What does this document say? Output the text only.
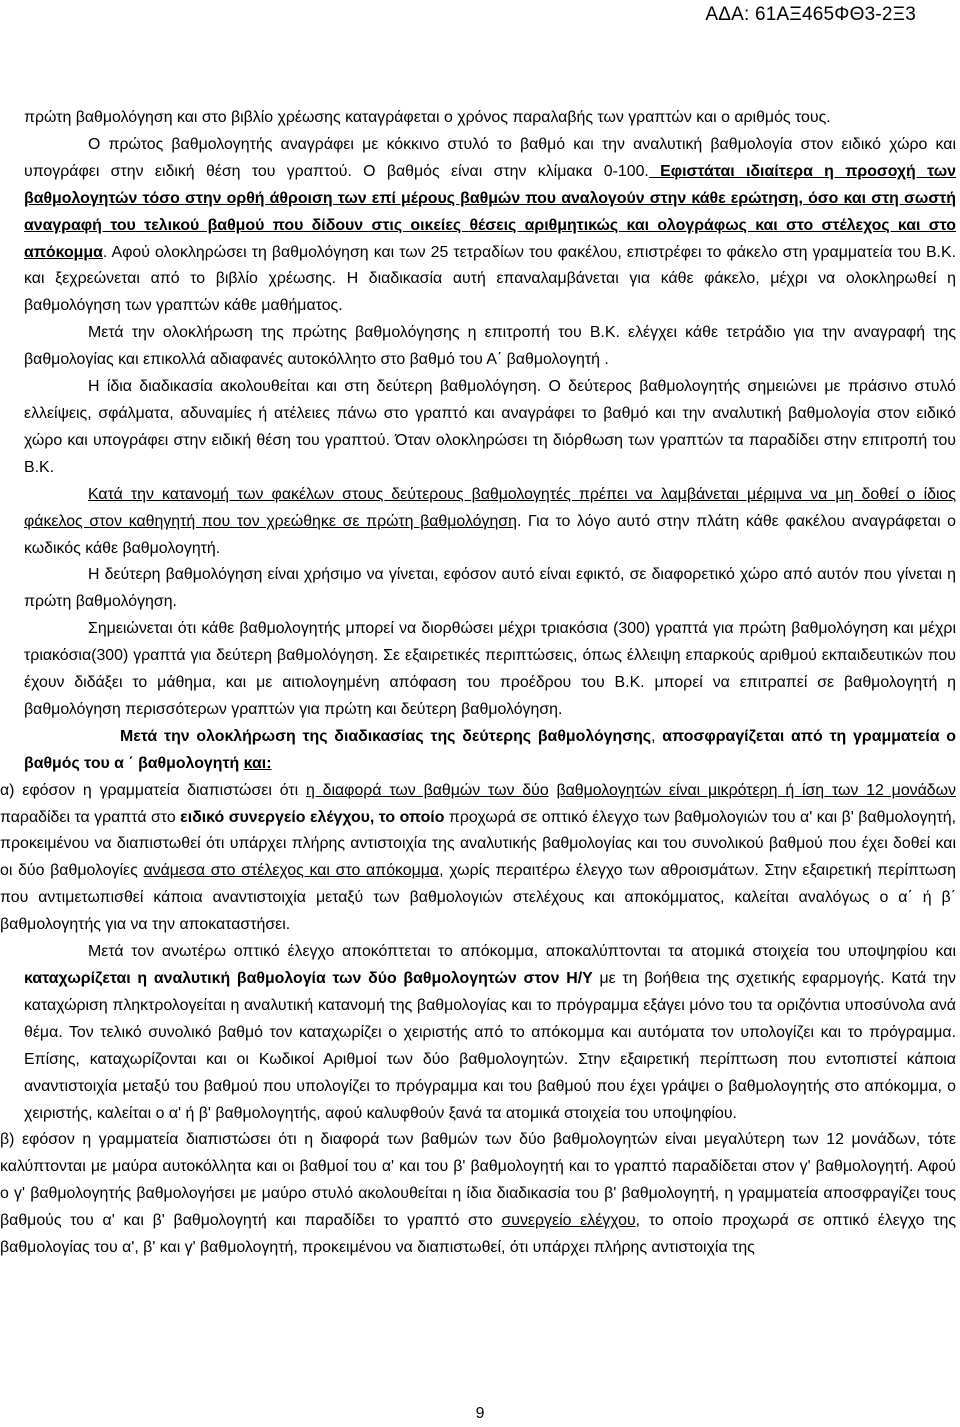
ΑΔΑ: 61ΑΞ465ΦΘ3-2Ξ3

πρώτη βαθμολόγηση και στο βιβλίο χρέωσης καταγράφεται ο χρόνος παραλαβής των γραπτών και ο αριθμός τους.

Ο πρώτος βαθμολογητής αναγράφει με κόκκινο στυλό το βαθμό και την αναλυτική βαθμολογία στον ειδικό χώρο και υπογράφει στην ειδική θέση του γραπτού. Ο βαθμός είναι στην κλίμακα 0-100. Εφιστάται ιδιαίτερα η προσοχή των βαθμολογητών τόσο στην ορθή άθροιση των επί μέρους βαθμών που αναλογούν στην κάθε ερώτηση, όσο και στη σωστή αναγραφή του τελικού βαθμού που δίδουν στις οικείες θέσεις αριθμητικώς και ολογράφως και στο στέλεχος και στο απόκομμα. Αφού ολοκληρώσει τη βαθμολόγηση και των 25 τετραδίων του φακέλου, επιστρέφει το φάκελο στη γραμματεία του Β.Κ. και ξεχρεώνεται από το βιβλίο χρέωσης. Η διαδικασία αυτή επαναλαμβάνεται για κάθε φάκελο, μέχρι να ολοκληρωθεί η βαθμολόγηση των γραπτών κάθε μαθήματος.

Μετά την ολοκλήρωση της πρώτης βαθμολόγησης η επιτροπή του Β.Κ. ελέγχει κάθε τετράδιο για την αναγραφή της βαθμολογίας και επικολλά αδιαφανές αυτοκόλλητο στο βαθμό του Α΄ βαθμολογητή .

Η ίδια διαδικασία ακολουθείται και στη δεύτερη βαθμολόγηση. Ο δεύτερος βαθμολογητής σημειώνει με πράσινο στυλό ελλείψεις, σφάλματα, αδυναμίες ή ατέλειες πάνω στο γραπτό και αναγράφει το βαθμό και την αναλυτική βαθμολογία στον ειδικό χώρο και υπογράφει στην ειδική θέση του γραπτού. Όταν ολοκληρώσει τη διόρθωση των γραπτών τα παραδίδει στην επιτροπή του Β.Κ.

Κατά την κατανομή των φακέλων στους δεύτερους βαθμολογητές πρέπει να λαμβάνεται μέριμνα να μη δοθεί ο ίδιος φάκελος στον καθηγητή που τον χρεώθηκε σε πρώτη βαθμολόγηση. Για το λόγο αυτό στην πλάτη κάθε φακέλου αναγράφεται ο κωδικός κάθε βαθμολογητή.

Η δεύτερη βαθμολόγηση είναι χρήσιμο να γίνεται, εφόσον αυτό είναι εφικτό, σε διαφορετικό χώρο από αυτόν που γίνεται η πρώτη βαθμολόγηση.

Σημειώνεται ότι κάθε βαθμολογητής μπορεί να διορθώσει μέχρι τριακόσια (300) γραπτά για πρώτη βαθμολόγηση και μέχρι τριακόσια(300) γραπτά για δεύτερη βαθμολόγηση. Σε εξαιρετικές περιπτώσεις, όπως έλλειψη επαρκούς αριθμού εκπαιδευτικών που έχουν διδάξει το μάθημα, και με αιτιολογημένη απόφαση του προέδρου του Β.Κ. μπορεί να επιτραπεί σε βαθμολογητή η βαθμολόγηση περισσότερων γραπτών για πρώτη και δεύτερη βαθμολόγηση.

Μετά την ολοκλήρωση της διαδικασίας της δεύτερης βαθμολόγησης, αποσφραγίζεται από τη γραμματεία ο βαθμός του α ΄ βαθμολογητή και:

α) εφόσον η γραμματεία διαπιστώσει ότι η διαφορά των βαθμών των δύο βαθμολογητών είναι μικρότερη ή ίση των 12 μονάδων παραδίδει τα γραπτά στο ειδικό συνεργείο ελέγχου, το οποίο προχωρά σε οπτικό έλεγχο των βαθμολογιών του α' και β' βαθμολογητή, προκειμένου να διαπιστωθεί ότι υπάρχει πλήρης αντιστοιχία της αναλυτικής βαθμολογίας και του συνολικού βαθμού που έχει δοθεί και οι δύο βαθμολογίες ανάμεσα στο στέλεχος και στο απόκομμα, χωρίς περαιτέρω έλεγχο των αθροισμάτων. Στην εξαιρετική περίπτωση που αντιμετωπισθεί κάποια αναντιστοιχία μεταξύ των βαθμολογιών στελέχους και αποκόμματος, καλείται αναλόγως ο α΄ ή β΄ βαθμολογητής για να την αποκαταστήσει.

Μετά τον ανωτέρω οπτικό έλεγχο αποκόπτεται το απόκομμα, αποκαλύπτονται τα ατομικά στοιχεία του υποψηφίου και καταχωρίζεται η αναλυτική βαθμολογία των δύο βαθμολογητών στον Η/Υ με τη βοήθεια της σχετικής εφαρμογής. Κατά την καταχώριση πληκτρολογείται η αναλυτική κατανομή της βαθμολογίας και το πρόγραμμα εξάγει μόνο του τα οριζόντια υποσύνολα ανά θέμα. Τον τελικό συνολικό βαθμό τον καταχωρίζει ο χειριστής από το απόκομμα και αυτόματα τον υπολογίζει και το πρόγραμμα. Επίσης, καταχωρίζονται και οι Κωδικοί Αριθμοί των δύο βαθμολογητών. Στην εξαιρετική περίπτωση που εντοπιστεί κάποια αναντιστοιχία μεταξύ του βαθμού που υπολογίζει το πρόγραμμα και του βαθμού που έχει γράψει ο βαθμολογητής στο απόκομμα, ο χειριστής, καλείται ο α' ή β' βαθμολογητής, αφού καλυφθούν ξανά τα ατομικά στοιχεία του υποψηφίου.

β) εφόσον η γραμματεία διαπιστώσει ότι η διαφορά των βαθμών των δύο βαθμολογητών είναι μεγαλύτερη των 12 μονάδων, τότε καλύπτονται με μαύρα αυτοκόλλητα και οι βαθμοί του α' και του β' βαθμολογητή και το γραπτό παραδίδεται στον γ' βαθμολογητή. Αφού ο γ' βαθμολογητής βαθμολογήσει με μαύρο στυλό ακολουθείται η ίδια διαδικασία του β' βαθμολογητή, η γραμματεία αποσφραγίζει τους βαθμούς του α' και β' βαθμολογητή και παραδίδει το γραπτό στο συνεργείο ελέγχου, το οποίο προχωρά σε οπτικό έλεγχο της βαθμολογίας του α', β' και γ' βαθμολογητή, προκειμένου να διαπιστωθεί, ότι υπάρχει πλήρης αντιστοιχία της

9
